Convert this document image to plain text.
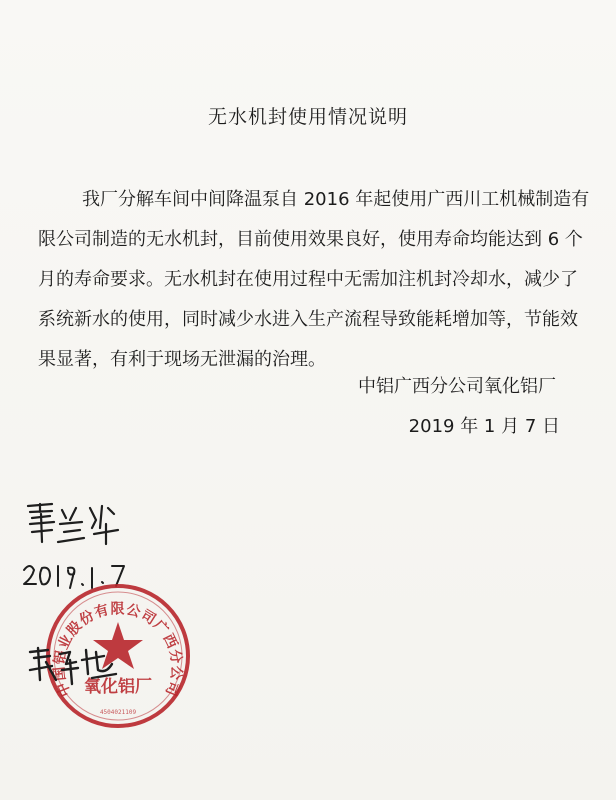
无水机封使用情况说明
我厂分解车间中间降温泵自 2016 年起使用广西川工机械制造有
限公司制造的无水机封，目前使用效果良好，使用寿命均能达到 6 个
月的寿命要求。无水机封在使用过程中无需加注机封冷却水，减少了
系统新水的使用，同时减少水进入生产流程导致能耗增加等，节能效
果显著，有利于现场无泄漏的治理。
中铝广西分公司氧化铝厂
2019 年 1 月 7 日
中国铝业股份有限公司广西分公司
氧化铝厂
4504021109
